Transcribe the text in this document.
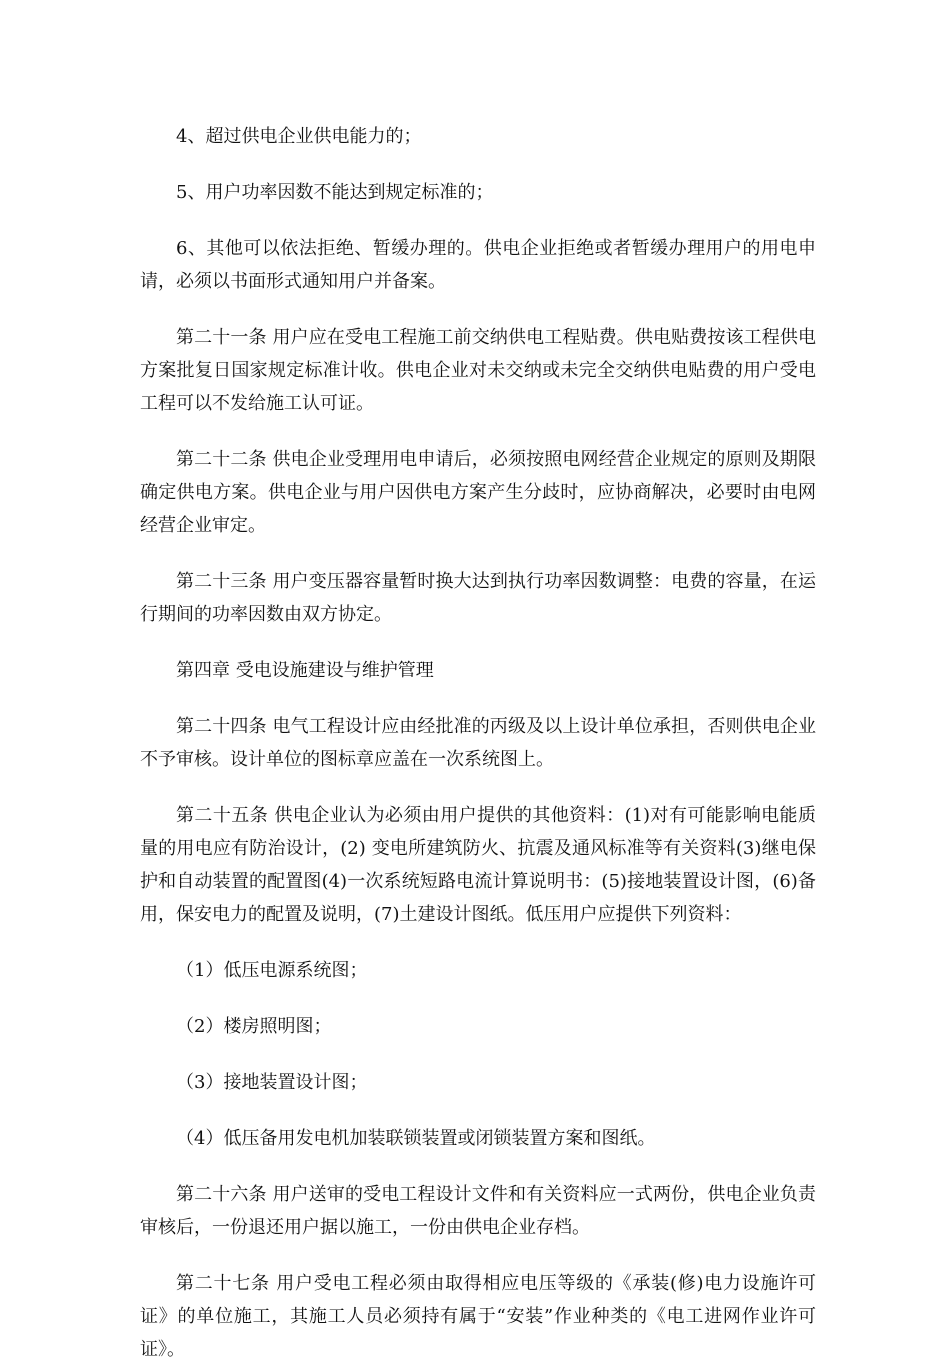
4、超过供电企业供电能力的；

5、用户功率因数不能达到规定标准的；

6、其他可以依法拒绝、暂缓办理的。供电企业拒绝或者暂缓办理用户的用电申请，必须以书面形式通知用户并备案。

第二十一条 用户应在受电工程施工前交纳供电工程贴费。供电贴费按该工程供电方案批复日国家规定标准计收。供电企业对未交纳或未完全交纳供电贴费的用户受电工程可以不发给施工认可证。

第二十二条 供电企业受理用电申请后，必须按照电网经营企业规定的原则及期限确定供电方案。供电企业与用户因供电方案产生分歧时，应协商解决，必要时由电网经营企业审定。

第二十三条 用户变压器容量暂时换大达到执行功率因数调整：电费的容量，在运行期间的功率因数由双方协定。

第四章 受电设施建设与维护管理

第二十四条 电气工程设计应由经批准的丙级及以上设计单位承担，否则供电企业不予审核。设计单位的图标章应盖在一次系统图上。

第二十五条 供电企业认为必须由用户提供的其他资料：(1)对有可能影响电能质量的用电应有防治设计，(2) 变电所建筑防火、抗震及通风标准等有关资料(3)继电保护和自动装置的配置图(4)一次系统短路电流计算说明书：(5)接地装置设计图，(6)备用，保安电力的配置及说明，(7)土建设计图纸。低压用户应提供下列资料：

（1）低压电源系统图；

（2）楼房照明图；

（3）接地装置设计图；

（4）低压备用发电机加装联锁装置或闭锁装置方案和图纸。

第二十六条 用户送审的受电工程设计文件和有关资料应一式两份，供电企业负责审核后，一份退还用户据以施工，一份由供电企业存档。

第二十七条 用户受电工程必须由取得相应电压等级的《承装(修)电力设施许可证》的单位施工，其施工人员必须持有属于“安装”作业种类的《电工进网作业许可证》。
